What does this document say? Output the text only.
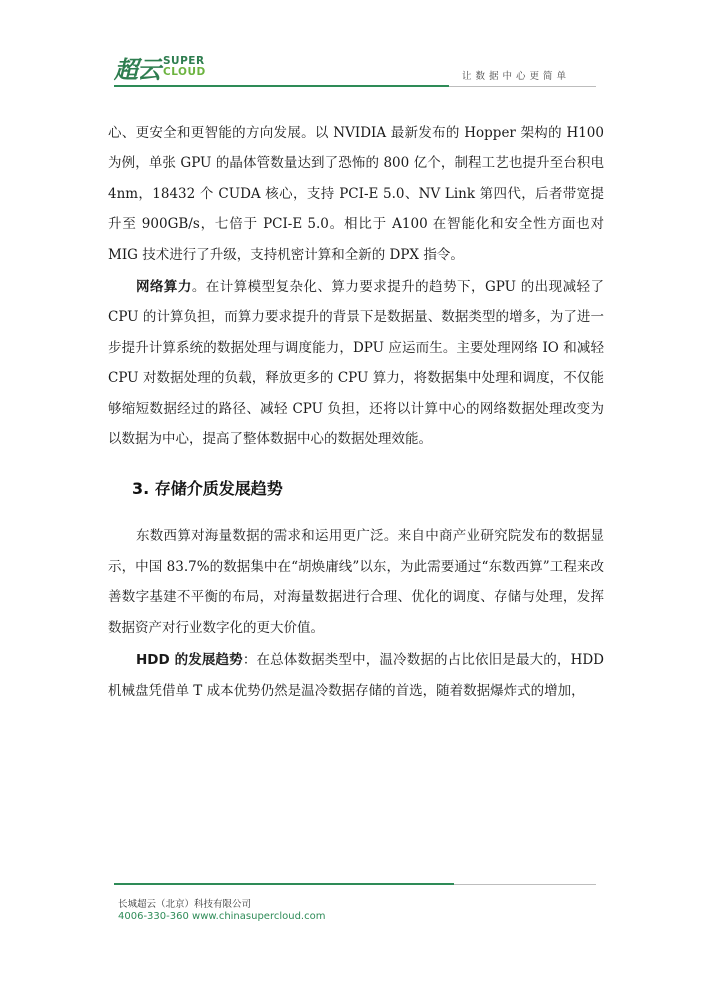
超云 SUPER
CLOUD	让数据中心更简单

心、更安全和更智能的方向发展。以 NVIDIA 最新发布的 Hopper 架构的 H100 为例，单张 GPU 的晶体管数量达到了恐怖的 800 亿个，制程工艺也提升至台积电 4nm，18432 个 CUDA 核心，支持 PCI-E 5.0、NV Link 第四代，后者带宽提升至 900GB/s，七倍于 PCI-E 5.0。相比于 A100 在智能化和安全性方面也对 MIG 技术进行了升级，支持机密计算和全新的 DPX 指令。

网络算力。在计算模型复杂化、算力要求提升的趋势下，GPU 的出现减轻了 CPU 的计算负担，而算力要求提升的背景下是数据量、数据类型的增多，为了进一步提升计算系统的数据处理与调度能力，DPU 应运而生。主要处理网络 IO 和减轻 CPU 对数据处理的负载，释放更多的 CPU 算力，将数据集中处理和调度，不仅能够缩短数据经过的路径、减轻 CPU 负担，还将以计算中心的网络数据处理改变为以数据为中心，提高了整体数据中心的数据处理效能。

3. 存储介质发展趋势

东数西算对海量数据的需求和运用更广泛。来自中商产业研究院发布的数据显示，中国 83.7%的数据集中在“胡焕庸线”以东，为此需要通过“东数西算”工程来改善数字基建不平衡的布局，对海量数据进行合理、优化的调度、存储与处理，发挥数据资产对行业数字化的更大价值。

HDD 的发展趋势：在总体数据类型中，温冷数据的占比依旧是最大的，HDD 机械盘凭借单 T 成本优势仍然是温冷数据存储的首选，随着数据爆炸式的增加，

长城超云（北京）科技有限公司
4006-330-360 www.chinasupercloud.com
